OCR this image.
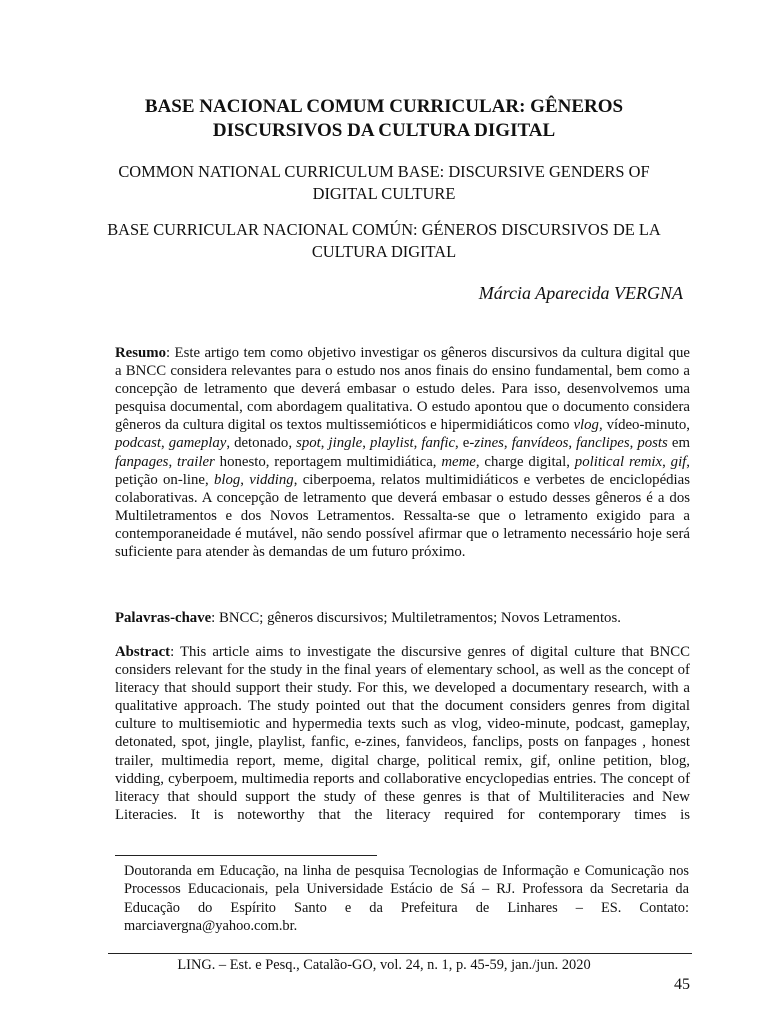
BASE NACIONAL COMUM CURRICULAR: GÊNEROS DISCURSIVOS DA CULTURA DIGITAL

COMMON NATIONAL CURRICULUM BASE: DISCURSIVE GENDERS OF DIGITAL CULTURE

BASE CURRICULAR NACIONAL COMÚN: GÉNEROS DISCURSIVOS DE LA CULTURA DIGITAL

Márcia Aparecida VERGNA

Resumo: Este artigo tem como objetivo investigar os gêneros discursivos da cultura digital que a BNCC considera relevantes para o estudo nos anos finais do ensino fundamental, bem como a concepção de letramento que deverá embasar o estudo deles. Para isso, desenvolvemos uma pesquisa documental, com abordagem qualitativa. O estudo apontou que o documento considera gêneros da cultura digital os textos multissemióticos e hipermidiáticos como vlog, vídeo-minuto, podcast, gameplay, detonado, spot, jingle, playlist, fanfic, e-zines, fanvídeos, fanclipes, posts em fanpages, trailer honesto, reportagem multimidiática, meme, charge digital, political remix, gif, petição on-line, blog, vidding, ciberpoema, relatos multimidiáticos e verbetes de enciclopédias colaborativas. A concepção de letramento que deverá embasar o estudo desses gêneros é a dos Multiletramentos e dos Novos Letramentos. Ressalta-se que o letramento exigido para a contemporaneidade é mutável, não sendo possível afirmar que o letramento necessário hoje será suficiente para atender às demandas de um futuro próximo.

Palavras-chave: BNCC; gêneros discursivos; Multiletramentos; Novos Letramentos.

Abstract: This article aims to investigate the discursive genres of digital culture that BNCC considers relevant for the study in the final years of elementary school, as well as the concept of literacy that should support their study. For this, we developed a documentary research, with a qualitative approach. The study pointed out that the document considers genres from digital culture to multisemiotic and hypermedia texts such as vlog, video-minute, podcast, gameplay, detonated, spot, jingle, playlist, fanfic, e-zines, fanvideos, fanclips, posts on fanpages , honest trailer, multimedia report, meme, digital charge, political remix, gif, online petition, blog, vidding, cyberpoem, multimedia reports and collaborative encyclopedias entries. The concept of literacy that should support the study of these genres is that of Multiliteracies and New Literacies. It is noteworthy that the literacy required for contemporary times is

Doutoranda em Educação, na linha de pesquisa Tecnologias de Informação e Comunicação nos Processos Educacionais, pela Universidade Estácio de Sá – RJ. Professora da Secretaria da Educação do Espírito Santo e da Prefeitura de Linhares – ES. Contato: marciavergna@yahoo.com.br.

LING. – Est. e Pesq., Catalão-GO, vol. 24, n. 1, p. 45-59, jan./jun. 2020

45
